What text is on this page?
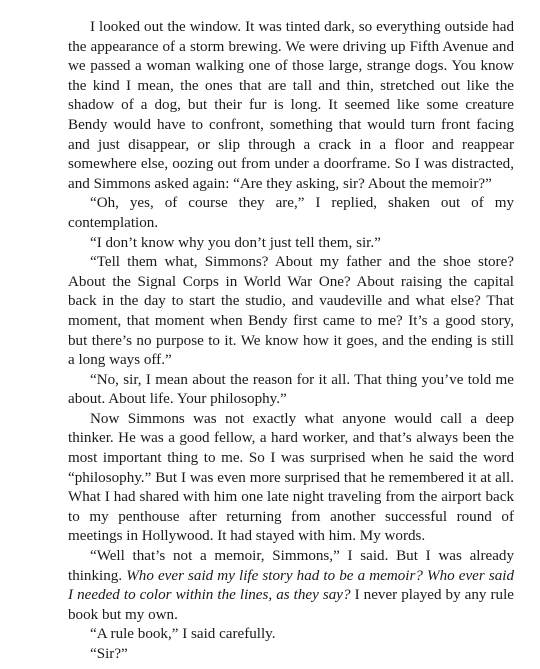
I looked out the window. It was tinted dark, so everything outside had the appearance of a storm brewing. We were driving up Fifth Avenue and we passed a woman walking one of those large, strange dogs. You know the kind I mean, the ones that are tall and thin, stretched out like the shadow of a dog, but their fur is long. It seemed like some creature Bendy would have to confront, something that would turn front facing and just disappear, or slip through a crack in a floor and reappear somewhere else, oozing out from under a doorframe. So I was distracted, and Simmons asked again: “Are they asking, sir? About the memoir?”

“Oh, yes, of course they are,” I replied, shaken out of my contemplation.

“I don’t know why you don’t just tell them, sir.”

“Tell them what, Simmons? About my father and the shoe store? About the Signal Corps in World War One? About raising the capital back in the day to start the studio, and vaudeville and what else? That moment, that moment when Bendy first came to me? It’s a good story, but there’s no purpose to it. We know how it goes, and the ending is still a long ways off.”

“No, sir, I mean about the reason for it all. That thing you’ve told me about. About life. Your philosophy.”

Now Simmons was not exactly what anyone would call a deep thinker. He was a good fellow, a hard worker, and that’s always been the most important thing to me. So I was surprised when he said the word “philosophy.” But I was even more surprised that he remembered it at all. What I had shared with him one late night traveling from the airport back to my penthouse after returning from another successful round of meetings in Hollywood. It had stayed with him. My words.

“Well that’s not a memoir, Simmons,” I said. But I was already thinking. Who ever said my life story had to be a memoir? Who ever said I needed to color within the lines, as they say? I never played by any rule book but my own.

“A rule book,” I said carefully.

“Sir?”
